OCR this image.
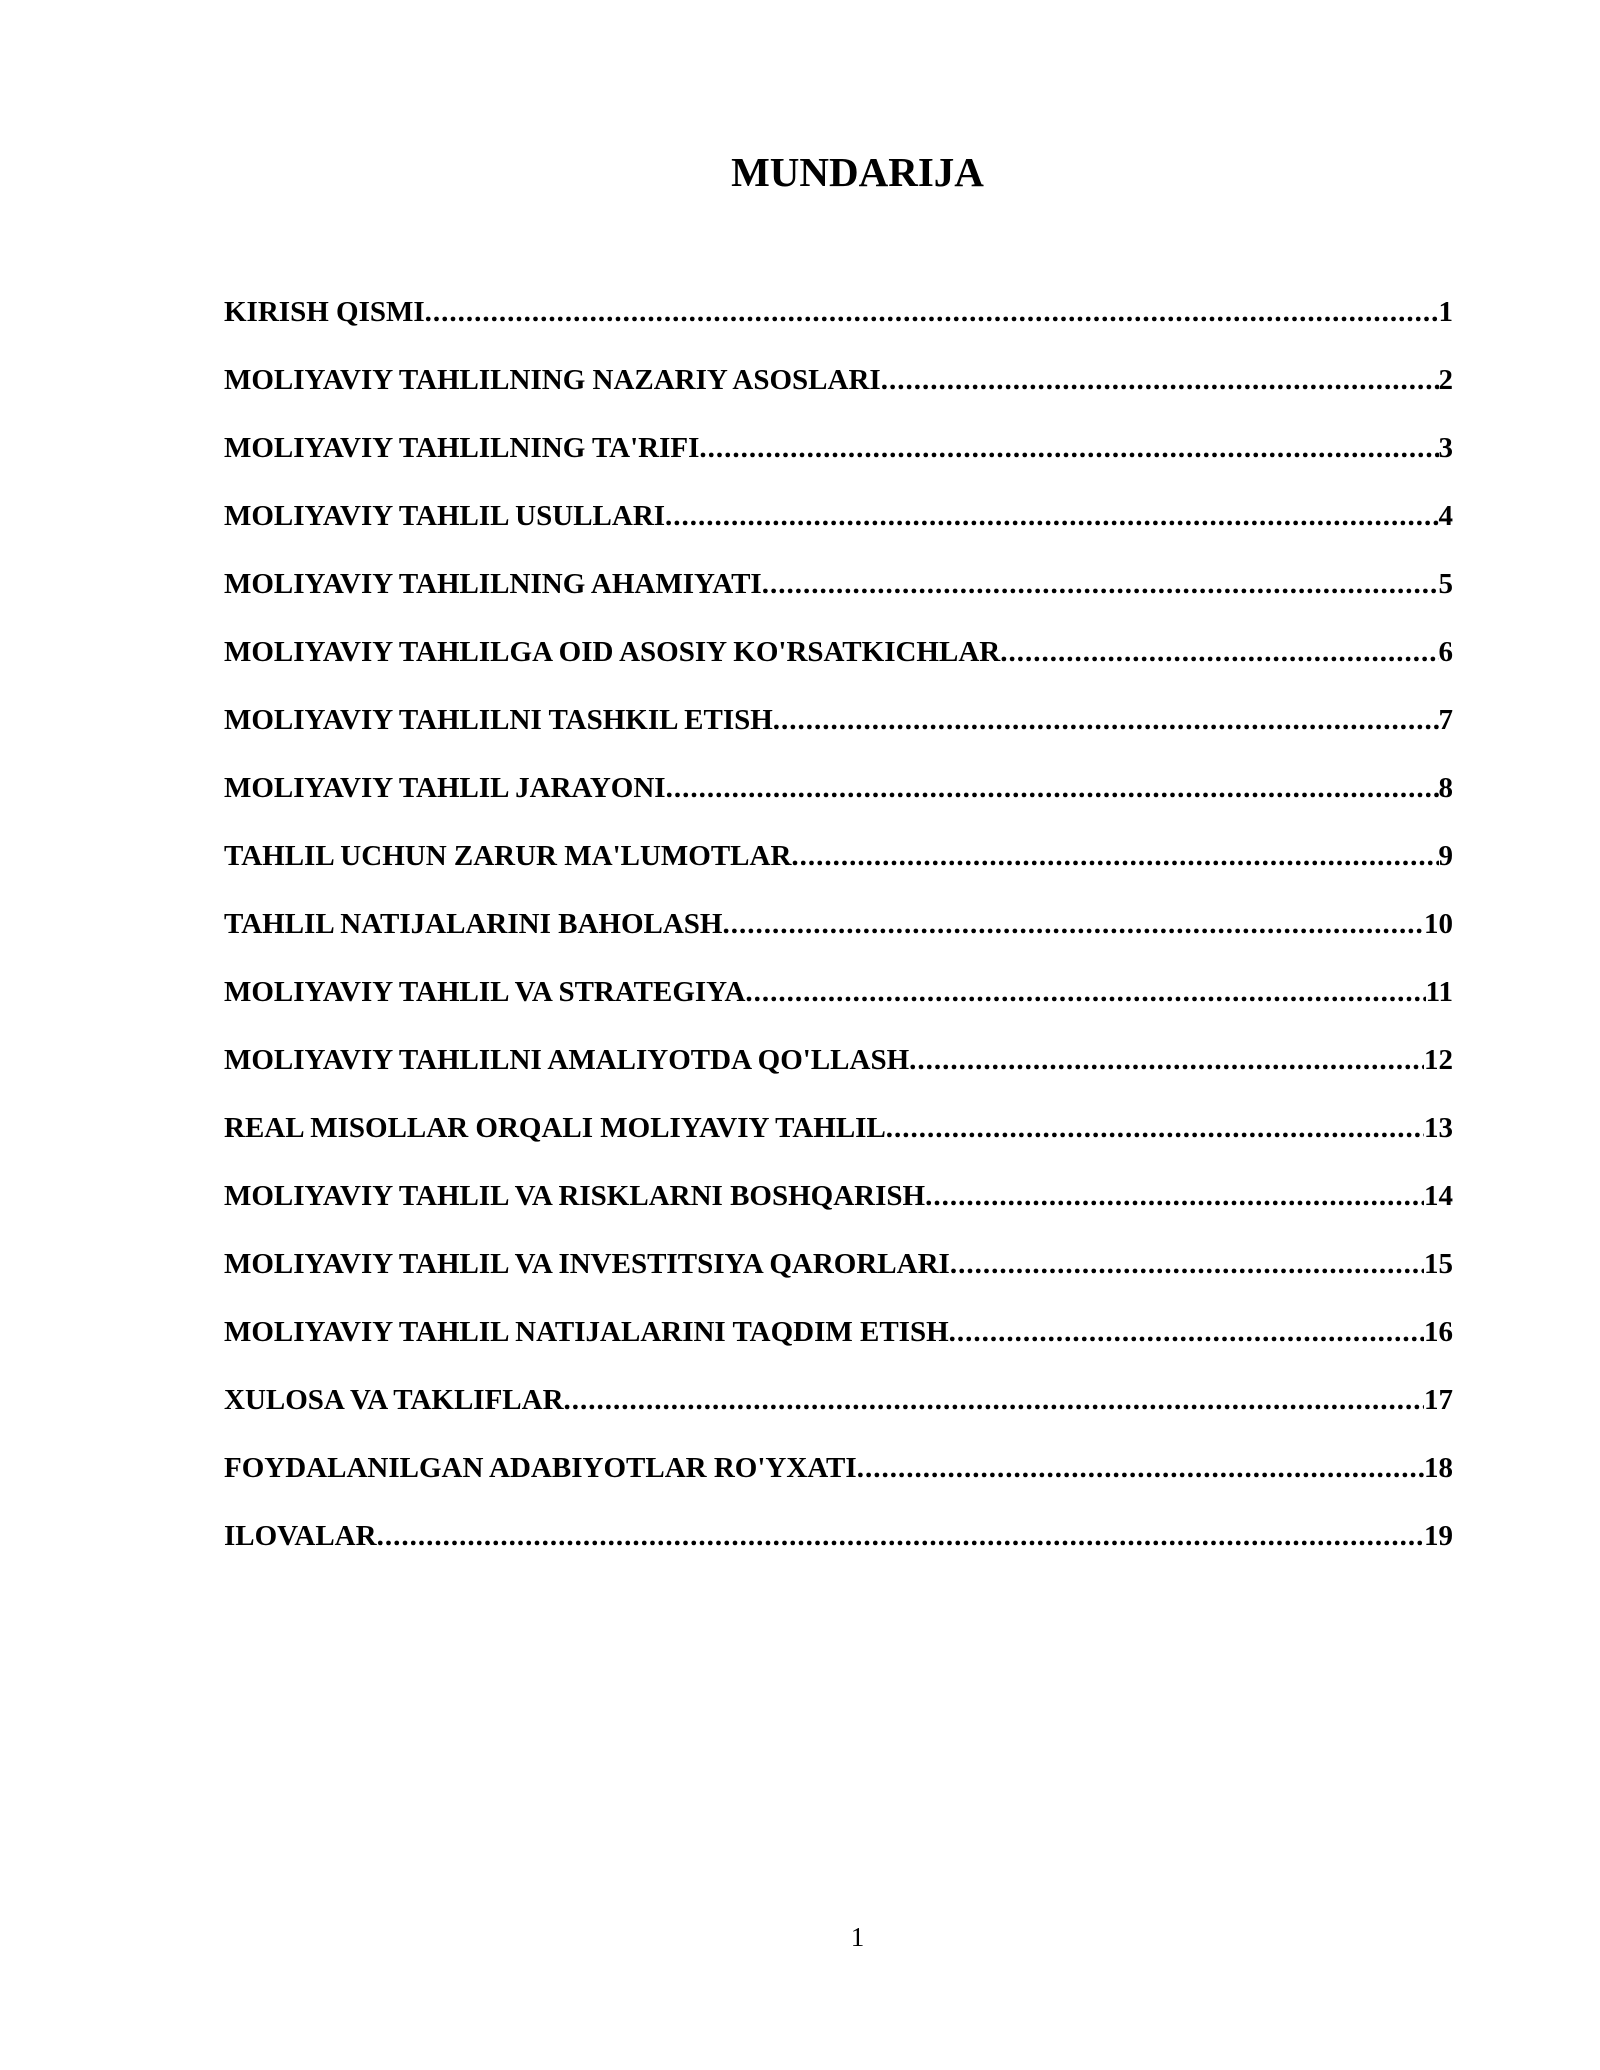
MUNDARIJA
KIRISH QISMI .....	1
MOLIYAVIY TAHLILNING NAZARIY ASOSLARI .....	2
MOLIYAVIY TAHLILNING TA'RIFI .....	3
MOLIYAVIY TAHLIL USULLARI .....	4
MOLIYAVIY TAHLILNING AHAMIYATI .....	5
MOLIYAVIY TAHLILGA OID ASOSIY KO'RSATKICHLAR .....	6
MOLIYAVIY TAHLILNI TASHKIL ETISH .....	7
MOLIYAVIY TAHLIL JARAYONI .....	8
TAHLIL UCHUN ZARUR MA'LUMOTLAR .....	9
TAHLIL NATIJALARINI BAHOLASH .....	10
MOLIYAVIY TAHLIL VA STRATEGIYA .....	11
MOLIYAVIY TAHLILNI AMALIYOTDA QO'LLASH .....	12
REAL MISOLLAR ORQALI MOLIYAVIY TAHLIL .....	13
MOLIYAVIY TAHLIL VA RISKLARNI BOSHQARISH .....	14
MOLIYAVIY TAHLIL VA INVESTITSIYA QARORLARI .....	15
MOLIYAVIY TAHLIL NATIJALARINI TAQDIM ETISH .....	16
XULOSA VA TAKLIFLAR .....	17
FOYDALANILGAN ADABIYOTLAR RO'YXATI .....	18
ILOVALAR .....	19
1
